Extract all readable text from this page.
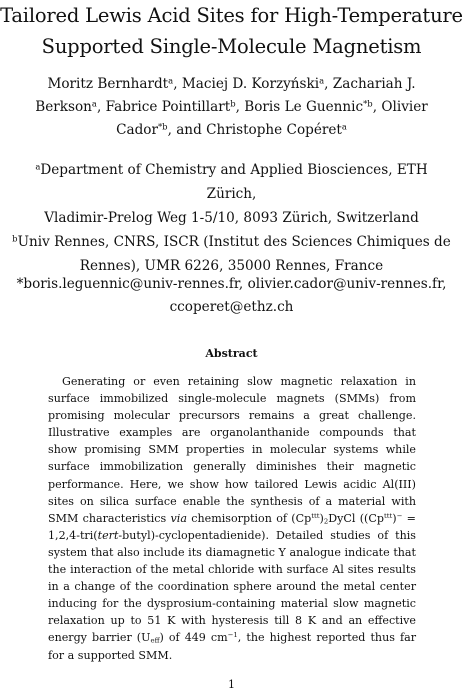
Tailored Lewis Acid Sites for High-Temperature
Supported Single-Molecule Magnetism
Moritz Bernhardt$^a$, Maciej D. Korzyński$^a$, Zachariah J. Berkson$^a$, Fabrice Pointillart$^b$, Boris Le Guennic$^{*b}$, Olivier Cador$^{*b}$, and Christophe Copéret$^a$
$^a$Department of Chemistry and Applied Biosciences, ETH Zürich,
Vladimir-Prelog Weg 1-5/10, 8093 Zürich, Switzerland
$^b$Univ Rennes, CNRS, ISCR (Institut des Sciences Chimiques de
Rennes), UMR 6226, 35000 Rennes, France
*boris.leguennic@univ-rennes.fr, olivier.cador@univ-rennes.fr,
ccoperet@ethz.ch
Abstract

Generating or even retaining slow magnetic relaxation in surface immobilized single-molecule magnets (SMMs) from promising molecular precursors remains a great challenge. Illustrative examples are organolanthanide compounds that show promising SMM properties in molecular systems while surface immobilization generally diminishes their magnetic performance. Here, we show how tailored Lewis acidic Al(III) sites on silica surface enable the synthesis of a material with SMM characteristics via chemisorption of $(Cp^{ttt})_2DyCl$ ($(Cp^{ttt})^-$ = 1,2,4-tri(tert-butyl)-cyclopentadienide). Detailed studies of this system that also include its diamagnetic Y analogue indicate that the interaction of the metal chloride with surface Al sites results in a change of the coordination sphere around the metal center inducing for the dysprosium-containing material slow magnetic relaxation up to 51 K with hysteresis till 8 K and an effective energy barrier $(U_{eff})$ of 449 $cm^{-1}$, the highest reported thus far for a supported SMM.

1
